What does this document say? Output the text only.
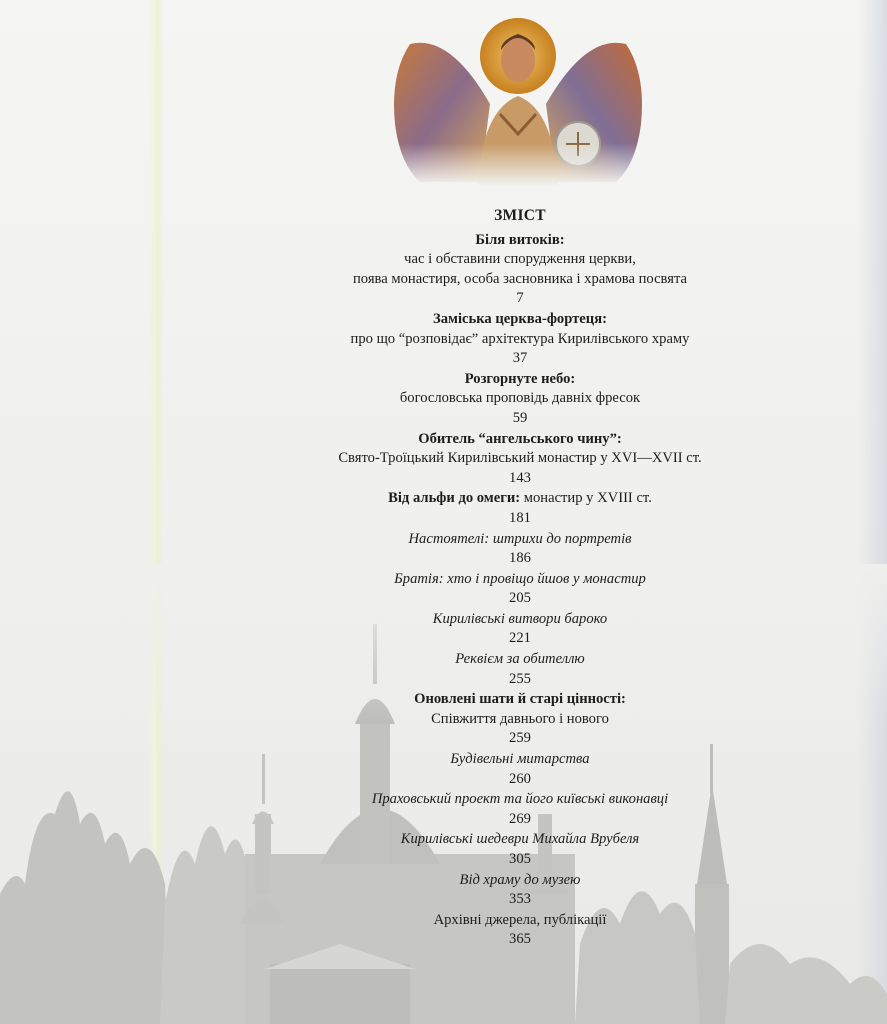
ЗМІСТ
Біля витоків:
час і обставини спорудження церкви,
поява монастиря, особа засновника і храмова посвята
7
Заміська церква-фортеця:
про що “розповідає” архітектура Кирилівського храму
37
Розгорнуте небо:
богословська проповідь давніх фресок
59
Обитель “ангельського чину”:
Свято-Троїцький Кирилівський монастир у XVI—XVII ст.
143
Від альфи до омеги: монастир у XVIII ст.
181
Настоятелі: штрихи до портретів
186
Братія: хто і провіщо йшов у монастир
205
Кирилівські витвори бароко
221
Реквієм за обителлю
255
Оновлені шати й старі цінності:
Співжиття давнього і нового
259
Будівельні митарства
260
Праховський проект та його київські виконавці
269
Кирилівські шедеври Михайла Врубеля
305
Від храму до музею
353
Архівні джерела, публікації
365
